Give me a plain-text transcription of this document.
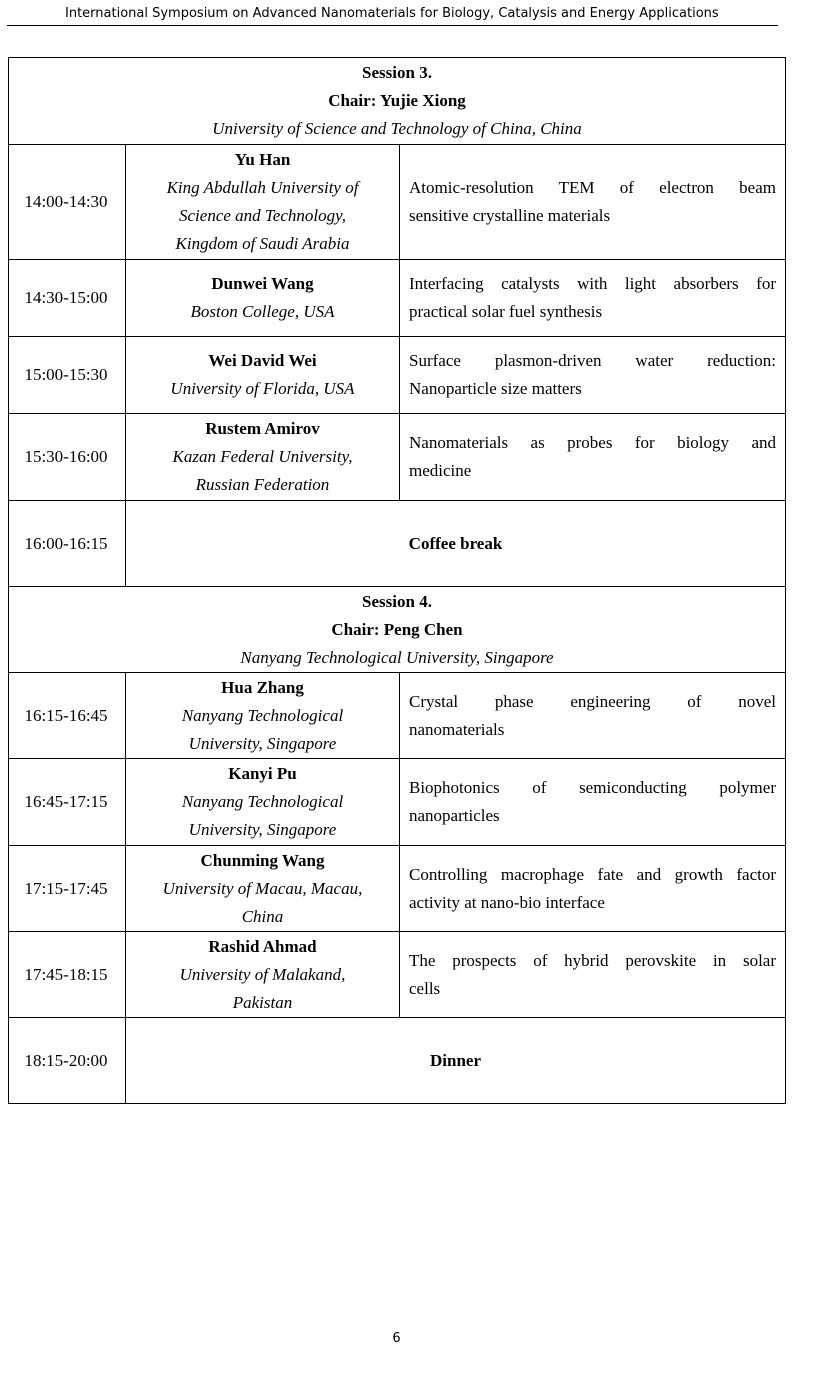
International Symposium on Advanced Nanomaterials for Biology, Catalysis and Energy Applications
Session 3.
Chair: Yujie Xiong
University of Science and Technology of China, China		

14:00-14:30	Yu Han
King Abdullah University of
Science and Technology,
Kingdom of Saudi Arabia	Atomic-resolution TEM of electron beam
sensitive crystalline materials

14:30-15:00	Dunwei Wang
Boston College, USA	Interfacing catalysts with light absorbers for
practical solar fuel synthesis

15:00-15:30	Wei David Wei
University of Florida, USA	Surface plasmon-driven water reduction:
Nanoparticle size matters

15:30-16:00	Rustem Amirov
Kazan Federal University,
Russian Federation	Nanomaterials as probes for biology and
medicine

16:00-16:15	Coffee break	

Session 4.
Chair: Peng Chen
Nanyang Technological University, Singapore		

16:15-16:45	Hua Zhang
Nanyang Technological
University, Singapore	Crystal phase engineering of novel
nanomaterials

16:45-17:15	Kanyi Pu
Nanyang Technological
University, Singapore	Biophotonics of semiconducting polymer
nanoparticles

17:15-17:45	Chunming Wang
University of Macau, Macau,
China	Controlling macrophage fate and growth factor
activity at nano-bio interface

17:45-18:15	Rashid Ahmad
University of Malakand,
Pakistan	The prospects of hybrid perovskite in solar
cells

18:15-20:00	Dinner	
6
